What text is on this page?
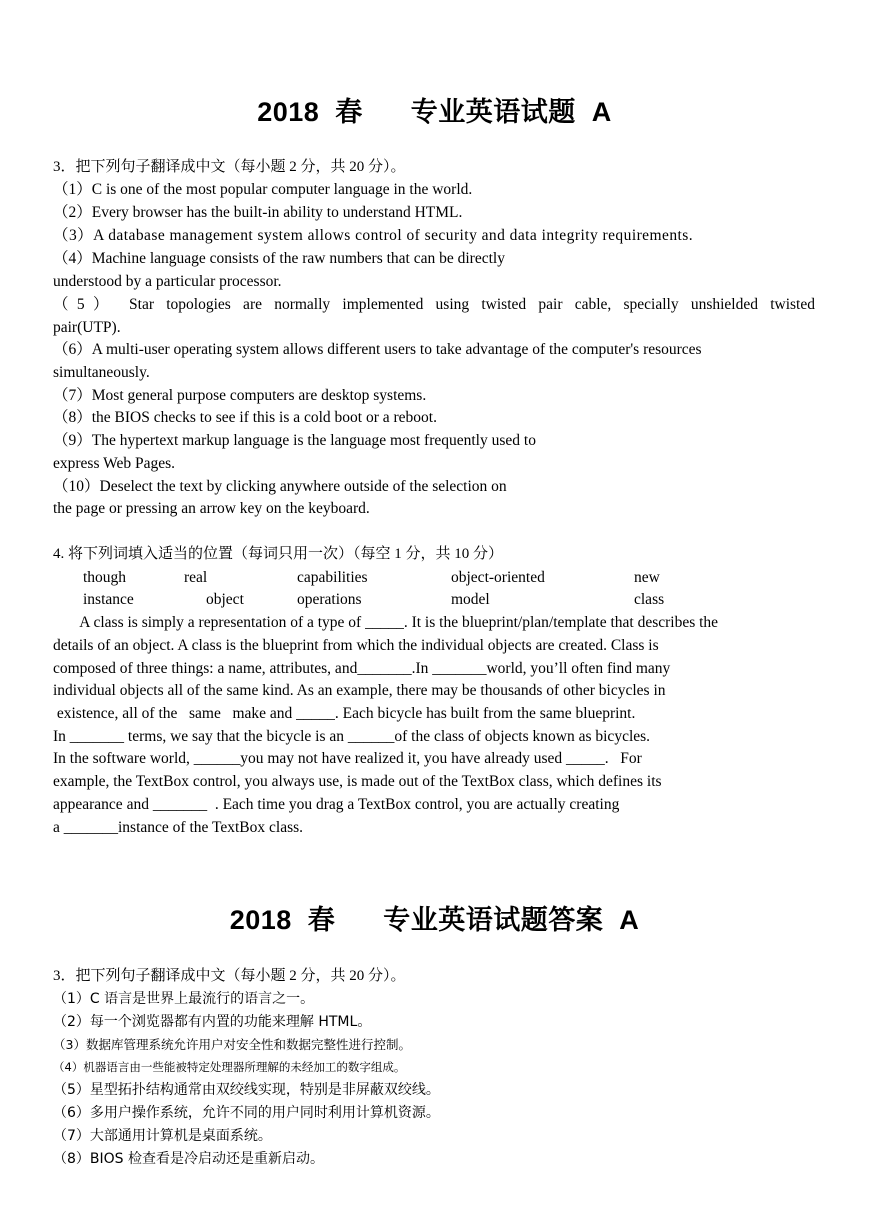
2018  春      专业英语试题  A
3．把下列句子翻译成中文（每小题 2 分，共 20 分）。
（1）C is one of the most popular computer language in the world.
（2）Every browser has the built-in ability to understand HTML.
（3）A database management system allows control of security and data integrity requirements.
（4）Machine language consists of the raw numbers that can be directly
understood by a particular processor.
（5） Star topologies are normally implemented using twisted pair cable, specially unshielded twisted
pair(UTP).
（6）A multi-user operating system allows different users to take advantage of the computer's resources
simultaneously.
（7）Most general purpose computers are desktop systems.
（8）the BIOS checks to see if this is a cold boot or a reboot.
（9）The hypertext markup language is the language most frequently used to
express Web Pages.
（10）Deselect the text by clicking anywhere outside of the selection on
the page or pressing an arrow key on the keyboard.
4. 将下列词填入适当的位置（每词只用一次）（每空 1 分，共 10 分）
though	real	capabilities	object-oriented	new
instance	object	operations	model	class
A class is simply a representation of a type of _____. It is the blueprint/plan/template that describes the
details of an object. A class is the blueprint from which the individual objects are created. Class is
composed of three things: a name, attributes, and_______.In _______world, you’ll often find many
individual objects all of the same kind. As an example, there may be thousands of other bicycles in
existence, all of the   same   make and _____. Each bicycle has built from the same blueprint.
In _______ terms, we say that the bicycle is an ______of the class of objects known as bicycles.
In the software world, ______you may not have realized it, you have already used _____.   For
example, the TextBox control, you always use, is made out of the TextBox class, which defines its
appearance and _______  . Each time you drag a TextBox control, you are actually creating
a _______instance of the TextBox class.
2018  春      专业英语试题答案  A
3．把下列句子翻译成中文（每小题 2 分，共 20 分）。
（1）C 语言是世界上最流行的语言之一。
（2）每一个浏览器都有内置的功能来理解 HTML。
（3）数据库管理系统允许用户对安全性和数据完整性进行控制。
（4）机器语言由一些能被特定处理器所理解的未经加工的数字组成。
（5）星型拓扑结构通常由双绞线实现，特别是非屏蔽双绞线。
（6）多用户操作系统，允许不同的用户同时利用计算机资源。
（7）大部通用计算机是桌面系统。
（8）BIOS 检查看是冷启动还是重新启动。
